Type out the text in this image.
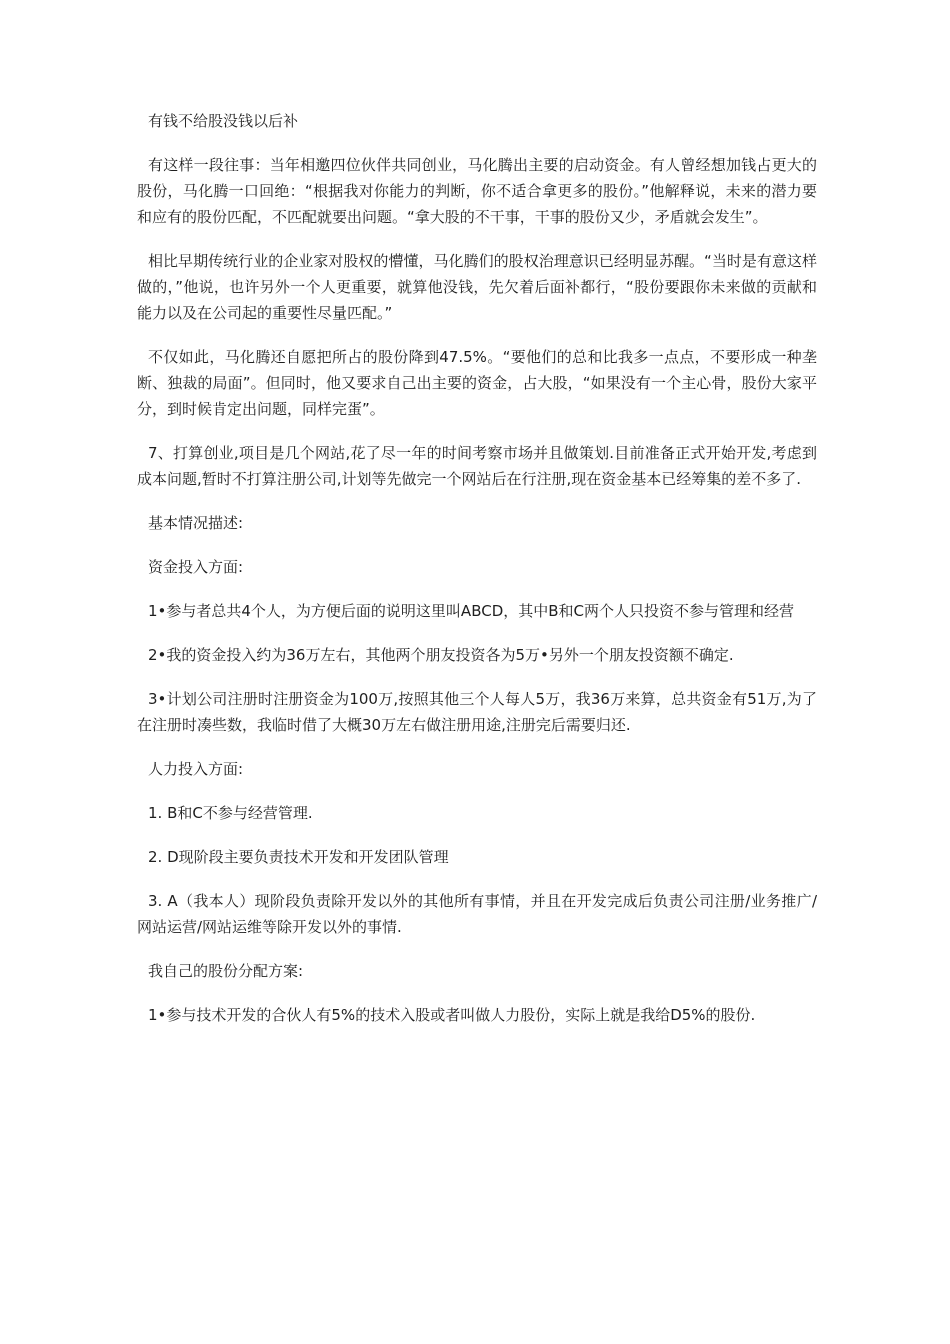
有钱不给股没钱以后补

有这样一段往事：当年相邀四位伙伴共同创业，马化腾出主要的启动资金。有人曾经想加钱占更大的股份，马化腾一口回绝：“根据我对你能力的判断，你不适合拿更多的股份。”他解释说，未来的潜力要和应有的股份匹配，不匹配就要出问题。“拿大股的不干事，干事的股份又少，矛盾就会发生”。

相比早期传统行业的企业家对股权的懵懂，马化腾们的股权治理意识已经明显苏醒。“当时是有意这样做的，”他说，也许另外一个人更重要，就算他没钱，先欠着后面补都行，“股份要跟你未来做的贡献和能力以及在公司起的重要性尽量匹配。”

不仅如此，马化腾还自愿把所占的股份降到47.5%。“要他们的总和比我多一点点，不要形成一种垄断、独裁的局面”。但同时，他又要求自己出主要的资金，占大股，“如果没有一个主心骨，股份大家平分，到时候肯定出问题，同样完蛋”。

7、打算创业,项目是几个网站,花了尽一年的时间考察市场并且做策划.目前准备正式开始开发,考虑到成本问题,暂时不打算注册公司,计划等先做完一个网站后在行注册,现在资金基本已经筹集的差不多了.

基本情况描述:

资金投入方面:

1•参与者总共4个人，为方便后面的说明这里叫ABCD，其中B和C两个人只投资不参与管理和经营

2•我的资金投入约为36万左右，其他两个朋友投资各为5万•另外一个朋友投资额不确定.

3•计划公司注册时注册资金为100万,按照其他三个人每人5万，我36万来算，总共资金有51万,为了在注册时凑些数，我临时借了大概30万左右做注册用途,注册完后需要归还.

人力投入方面:

1. B和C不参与经营管理.

2. D现阶段主要负责技术开发和开发团队管理

3. A（我本人）现阶段负责除开发以外的其他所有事情，并且在开发完成后负责公司注册/业务推广/网站运营/网站运维等除开发以外的事情.

我自己的股份分配方案:

1•参与技术开发的合伙人有5%的技术入股或者叫做人力股份，实际上就是我给D5%的股份.
